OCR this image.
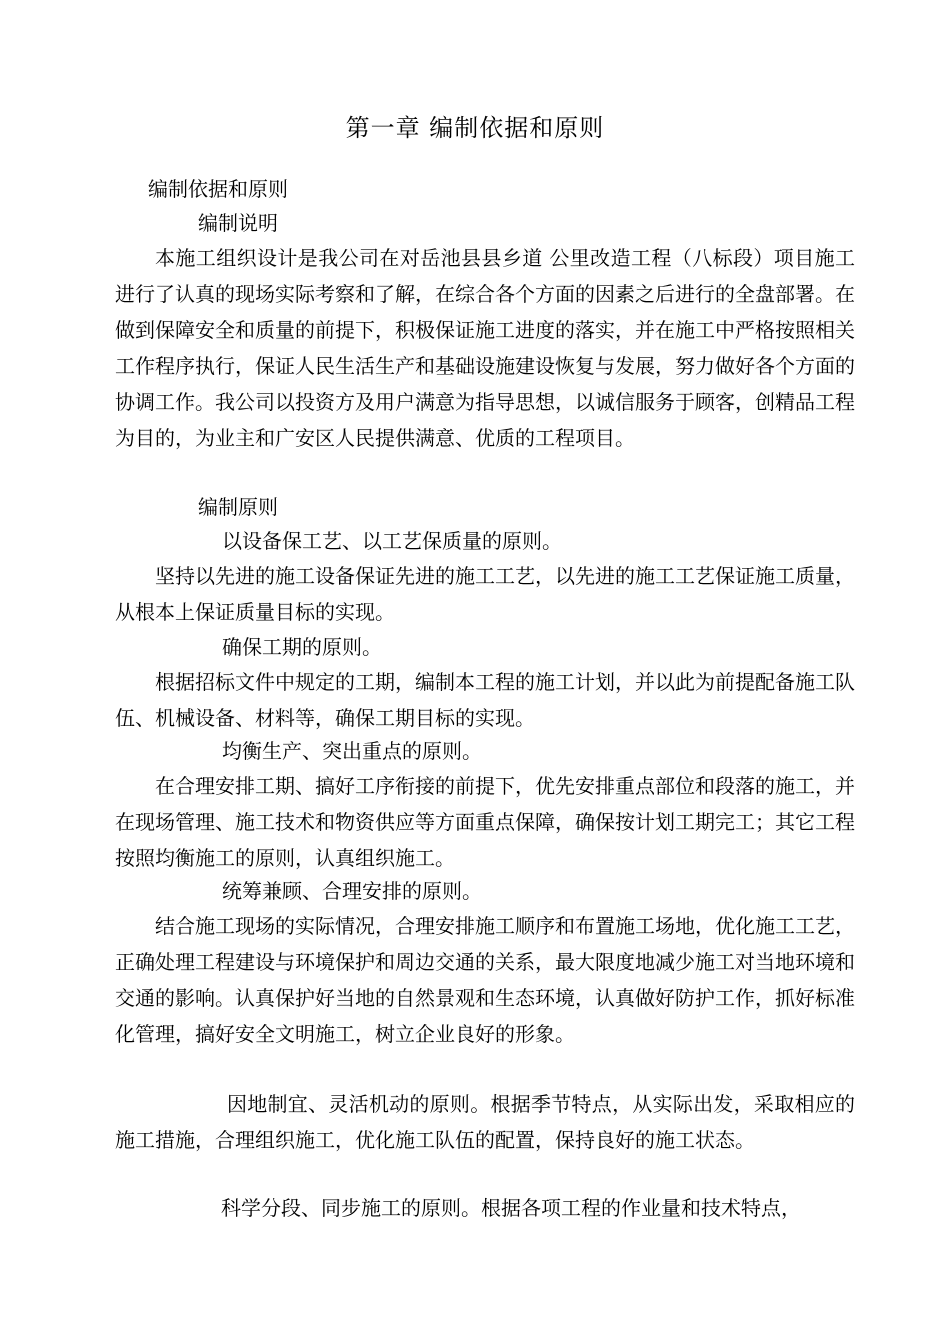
第一章 编制依据和原则
编制依据和原则
编制说明
本施工组织设计是我公司在对岳池县县乡道 公里改造工程（八标段）项目施工进行了认真的现场实际考察和了解，在综合各个方面的因素之后进行的全盘部署。在做到保障安全和质量的前提下，积极保证施工进度的落实，并在施工中严格按照相关工作程序执行，保证人民生活生产和基础设施建设恢复与发展，努力做好各个方面的协调工作。我公司以投资方及用户满意为指导思想，以诚信服务于顾客，创精品工程为目的，为业主和广安区人民提供满意、优质的工程项目。
编制原则
以设备保工艺、以工艺保质量的原则。
坚持以先进的施工设备保证先进的施工工艺，以先进的施工工艺保证施工质量，从根本上保证质量目标的实现。
确保工期的原则。
根据招标文件中规定的工期，编制本工程的施工计划，并以此为前提配备施工队伍、机械设备、材料等，确保工期目标的实现。
均衡生产、突出重点的原则。
在合理安排工期、搞好工序衔接的前提下，优先安排重点部位和段落的施工，并在现场管理、施工技术和物资供应等方面重点保障，确保按计划工期完工；其它工程按照均衡施工的原则，认真组织施工。
统筹兼顾、合理安排的原则。
结合施工现场的实际情况，合理安排施工顺序和布置施工场地，优化施工工艺，正确处理工程建设与环境保护和周边交通的关系，最大限度地减少施工对当地环境和交通的影响。认真保护好当地的自然景观和生态环境，认真做好防护工作，抓好标准化管理，搞好安全文明施工，树立企业良好的形象。
因地制宜、灵活机动的原则。根据季节特点，从实际出发，采取相应的施工措施，合理组织施工，优化施工队伍的配置，保持良好的施工状态。
科学分段、同步施工的原则。根据各项工程的作业量和技术特点，
